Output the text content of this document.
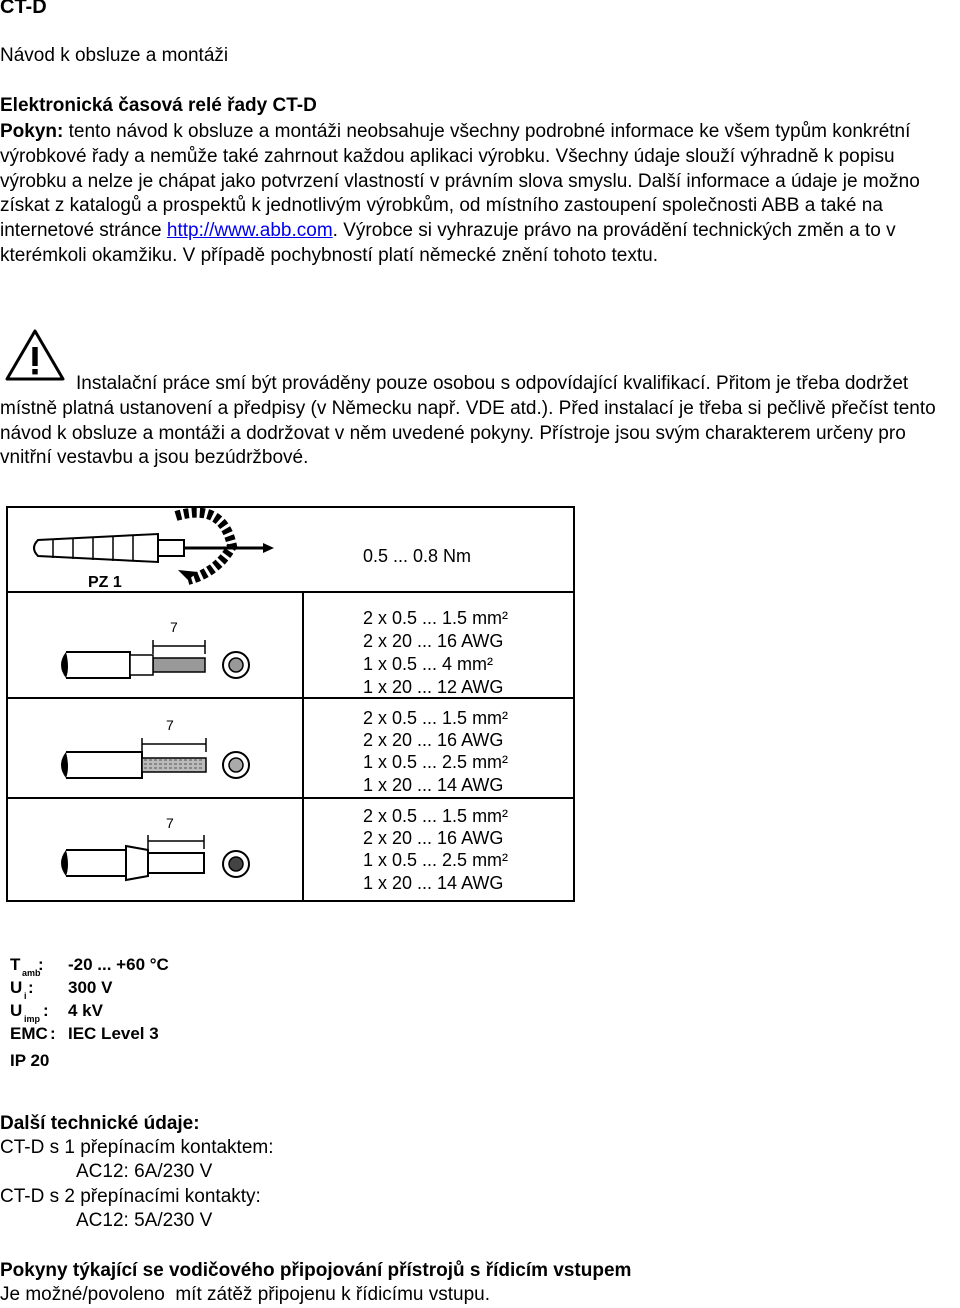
CT-D
Návod k obsluze a montáži
Elektronická časová relé řady CT-D
Pokyn: tento návod k obsluze a montáži neobsahuje všechny podrobné informace ke všem typům konkrétní výrobkové řady a nemůže také zahrnout každou aplikaci výrobku. Všechny údaje slouží výhradně k popisu výrobku a nelze je chápat jako potvrzení vlastností v právním slova smyslu. Další informace a údaje je možno získat z katalogů a prospektů k jednotlivým výrobkům, od místního zastoupení společnosti ABB a také na internetové stránce http://www.abb.com. Výrobce si vyhrazuje právo na provádění technických změn a to v kterémkoli okamžiku. V případě pochybností platí německé znění tohoto textu.
Instalační práce smí být prováděny pouze osobou s odpovídající kvalifikací. Přitom je třeba dodržet místně platná ustanovení a předpisy (v Německu např. VDE atd.). Před instalací je třeba si pečlivě přečíst tento návod k obsluze a montáži a dodržovat v něm uvedené pokyny. Přístroje jsou svým charakterem určeny pro vnitřní vestavbu a jsou bezúdržbové.
PZ 1
0.5 ... 0.8 Nm
7
7
7
2 x 0.5 ... 1.5 mm²
2 x 20 ... 16 AWG
1 x 0.5 ... 4 mm²
1 x 20 ... 12 AWG
2 x 0.5 ... 1.5 mm²
2 x 20 ... 16 AWG
1 x 0.5 ... 2.5 mm²
1 x 20 ... 14 AWG
2 x 0.5 ... 1.5 mm²
2 x 20 ... 16 AWG
1 x 0.5 ... 2.5 mm²
1 x 20 ... 14 AWG
T amb
: -20 ... +60 °C
U i : 300 V
U imp : 4 kV
EMC : IEC Level 3
IP 20
Další technické údaje:
CT-D s 1 přepínacím kontaktem:
AC12: 6A/230 V
CT-D s 2 přepínacími kontakty:
AC12: 5A/230 V
Pokyny týkající se vodičového připojování přístrojů s řídicím vstupem
Je možné/povoleno  mít zátěž připojenu k řídicímu vstupu.
